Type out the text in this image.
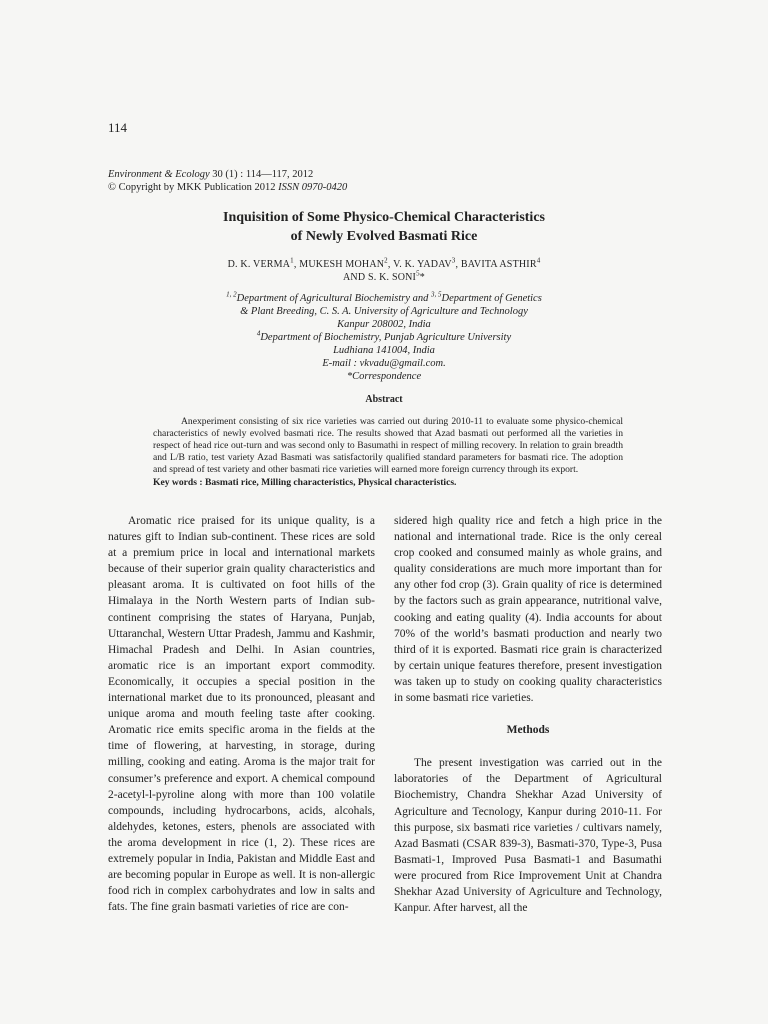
114
Environment & Ecology 30 (1) : 114—117, 2012
© Copyright by MKK Publication 2012 ISSN 0970-0420
Inquisition of Some Physico-Chemical Characteristics
of Newly Evolved Basmati Rice
D. K. VERMA$^1$, MUKESH MOHAN$^2$, V. K. YADAV$^3$, BAVITA ASTHIR$^4$
AND S. K. SONI$^5$*
$^{1, 2}$Department of Agricultural Biochemistry and $^{3, 5}$Department of Genetics
& Plant Breeding, C. S. A. University of Agriculture and Technology
Kanpur 208002, India
$^4$Department of Biochemistry, Punjab Agriculture University
Ludhiana 141004, India
E-mail : vkvadu@gmail.com.
*Correspondence
Abstract

Anexperiment consisting of six rice varieties was carried out during 2010-11 to evaluate some physico-chemical characteristics of newly evolved basmati rice. The results showed that Azad basmati out performed all the varieties in respect of head rice out-turn and was second only to Basumathi in respect of milling recovery. In relation to grain breadth and L/B ratio, test variety Azad Basmati was satisfactorily qualified standard parameters for basmati rice. The adoption and spread of test variety and other basmati rice varieties will earned more foreign currency through its export.

Key words : Basmati rice, Milling characteristics, Physical characteristics.

Aromatic rice praised for its unique quality, is a natures gift to Indian sub-continent. These rices are sold at a premium price in local and international markets because of their superior grain quality characteristics and pleasant aroma. It is cultivated on foot hills of the Himalaya in the North Western parts of Indian sub-continent comprising the states of Haryana, Punjab, Uttaranchal, Western Uttar Pradesh, Jammu and Kashmir, Himachal Pradesh and Delhi. In Asian countries, aromatic rice is an important export commodity. Economically, it occupies a special position in the international market due to its pronounced, pleasant and unique aroma and mouth feeling taste after cooking. Aromatic rice emits specific aroma in the fields at the time of flowering, at harvesting, in storage, during milling, cooking and eating. Aroma is the major trait for consumer’s preference and export. A chemical compound 2-acetyl-l-pyroline along with more than 100 volatile compounds, including hydrocarbons, acids, alcohals, aldehydes, ketones, esters, phenols are associated with the aroma development in rice (1, 2). These rices are extremely popular in India, Pakistan and Middle East and are becoming popular in Europe as well. It is non-allergic food rich in complex carbohydrates and low in salts and fats. The fine grain basmati varieties of rice are con-

sidered high quality rice and fetch a high price in the national and international trade. Rice is the only cereal crop cooked and consumed mainly as whole grains, and quality considerations are much more important than for any other fod crop (3). Grain quality of rice is determined by the factors such as grain appearance, nutritional valve, cooking and eating quality (4). India accounts for about 70% of the world’s basmati production and nearly two third of it is exported. Basmati rice grain is characterized by certain unique features therefore, present investigation was taken up to study on cooking quality characteristics in some basmati rice varieties.

Methods

The present investigation was carried out in the laboratories of the Department of Agricultural Biochemistry, Chandra Shekhar Azad University of Agriculture and Tecnology, Kanpur during 2010-11. For this purpose, six basmati rice varieties / cultivars namely, Azad Basmati (CSAR 839-3), Basmati-370, Type-3, Pusa Basmati-1, Improved Pusa Basmati-1 and Basumathi were procured from Rice Improvement Unit at Chandra Shekhar Azad University of Agriculture and Technology, Kanpur. After harvest, all the
